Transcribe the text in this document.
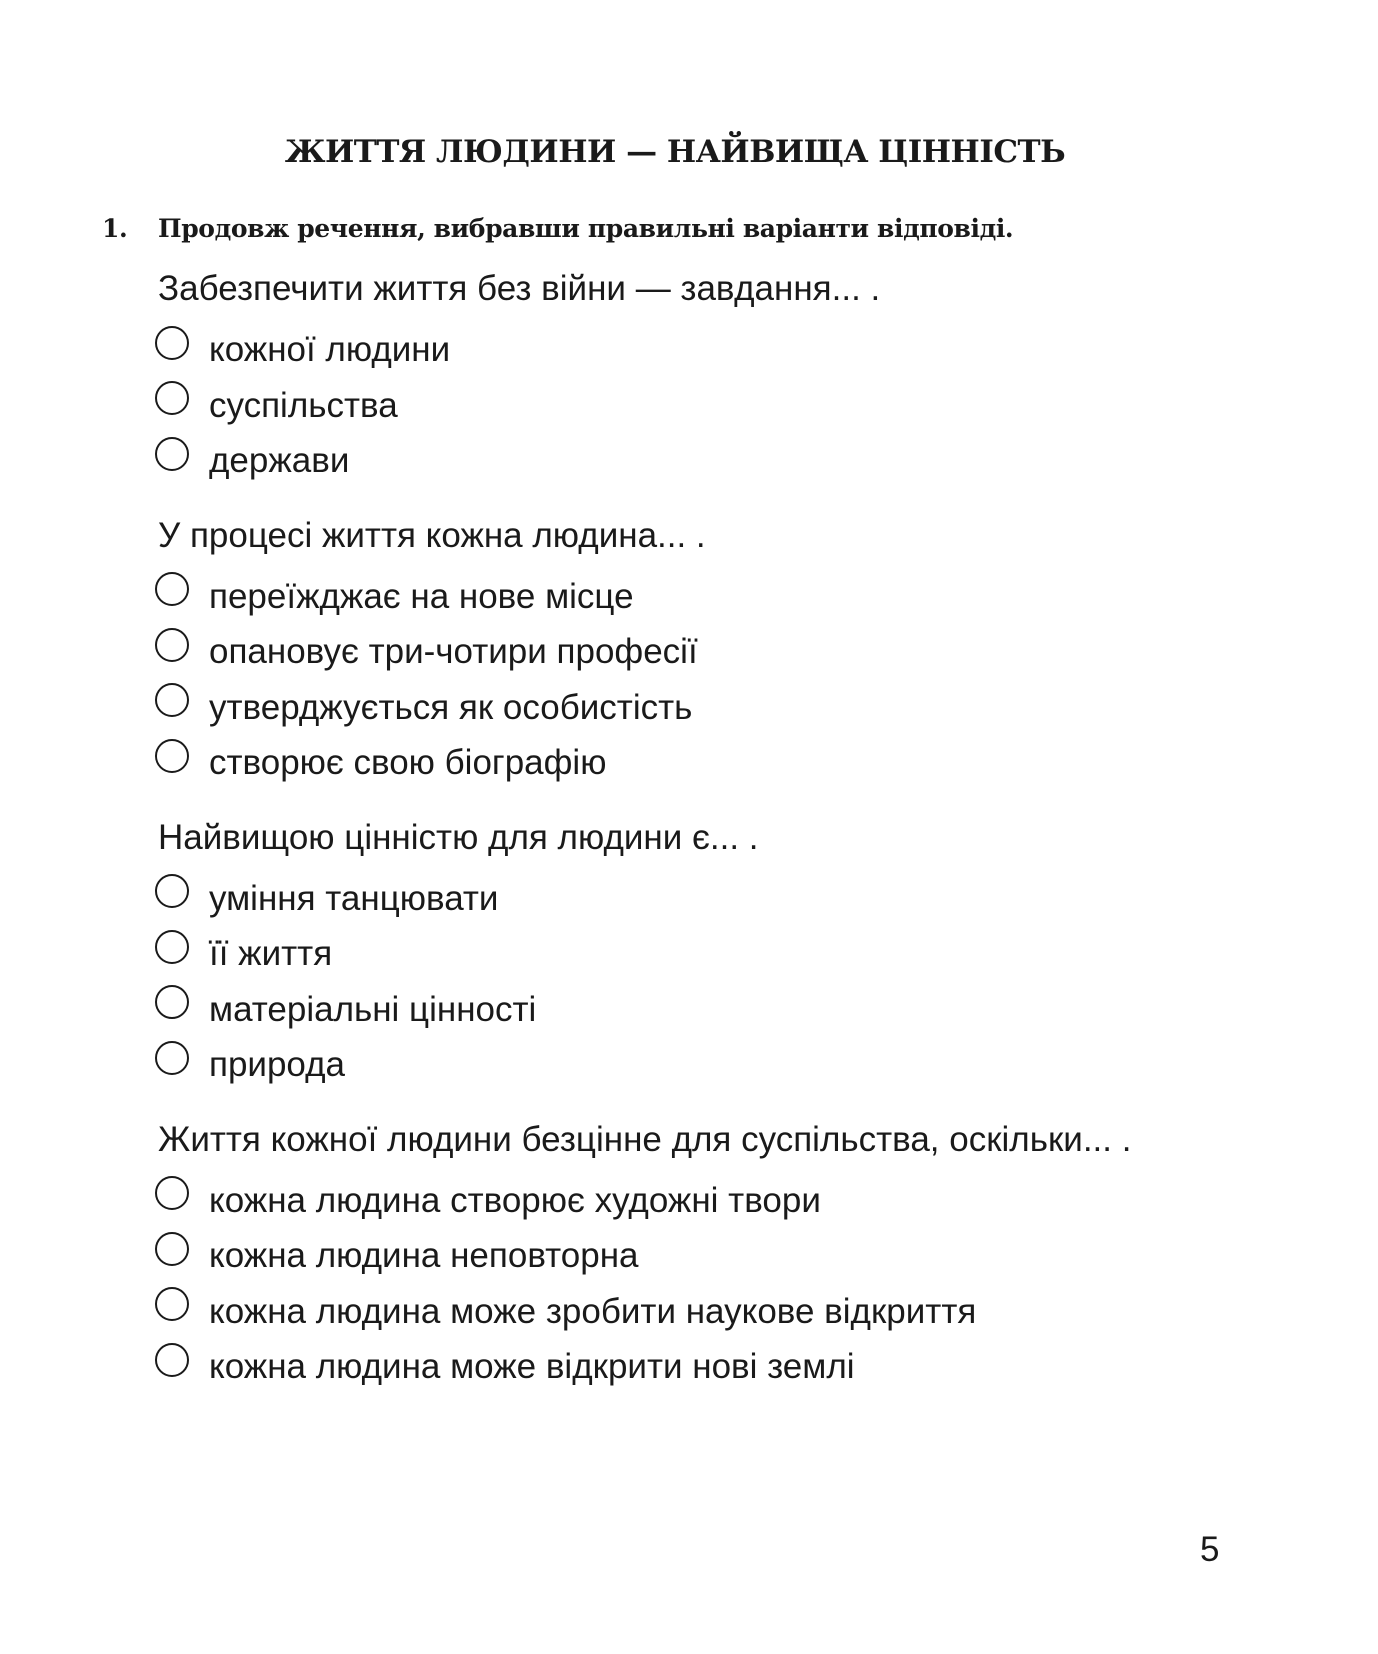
ЖИТТЯ ЛЮДИНИ — НАЙВИЩА ЦІННІСТЬ
1.	Продовж речення, вибравши правильні варіанти відповіді.
Забезпечити життя без війни — завдання... .
кожної людини
суспільства
держави
У процесі життя кожна людина... .
переїжджає на нове місце
опановує три-чотири професії
утверджується як особистість
створює свою біографію
Найвищою цінністю для людини є... .
уміння танцювати
її життя
матеріальні цінності
природа
Життя кожної людини безцінне для суспільства, оскільки... .
кожна людина створює художні твори
кожна людина неповторна
кожна людина може зробити наукове відкриття
кожна людина може відкрити нові землі
5
